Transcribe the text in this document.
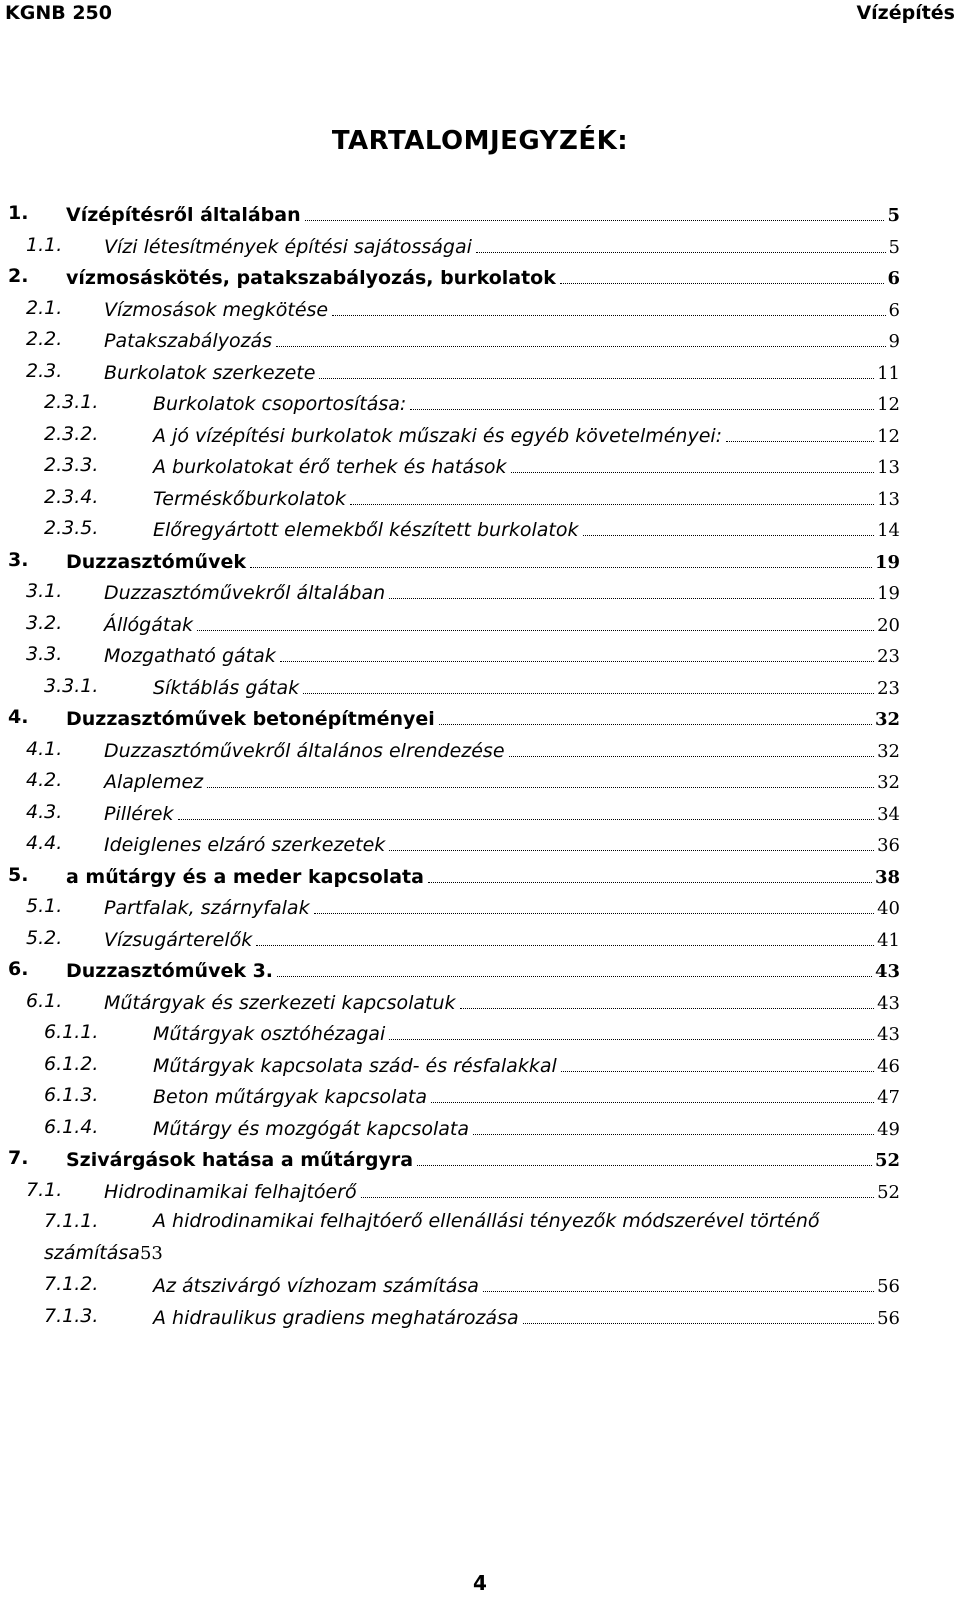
KGNB 250	Vízépítés
TARTALOMJEGYZÉK:
1. Vízépítésről általában	5
1.1. Vízi létesítmények építési sajátosságai	5
2. vízmosáskötés, patakszabályozás, burkolatok	6
2.1. Vízmosások megkötése	6
2.2. Patakszabályozás	9
2.3. Burkolatok szerkezete	11
2.3.1.	Burkolatok csoportosítása:	12
2.3.2.	A jó vízépítési burkolatok műszaki és egyéb követelményei:	12
2.3.3.	A burkolatokat érő terhek és hatások	13
2.3.4.	Terméskőburkolatok	13
2.3.5.	Előregyártott elemekből készített burkolatok	14
3. Duzzasztóművek	19
3.1. Duzzasztóművekről általában	19
3.2. Állógátak	20
3.3. Mozgatható gátak	23
3.3.1.	Síktáblás gátak	23
4. Duzzasztóművek betonépítményei	32
4.1. Duzzasztóművekről általános elrendezése	32
4.2. Alaplemez	32
4.3. Pillérek	34
4.4. Ideiglenes elzáró szerkezetek	36
5. a műtárgy és a meder kapcsolata	38
5.1. Partfalak, szárnyfalak	40
5.2. Vízsugárterelők	41
6. Duzzasztóművek 3.	43
6.1. Műtárgyak és szerkezeti kapcsolatuk	43
6.1.1.	Műtárgyak osztóhézagai	43
6.1.2.	Műtárgyak kapcsolata szád- és résfalakkal	46
6.1.3.	Beton műtárgyak kapcsolata	47
6.1.4.	Műtárgy és mozgógát kapcsolata	49
7. Szivárgások hatása a műtárgyra	52
7.1. Hidrodinamikai felhajtóerő	52
7.1.1.	A hidrodinamikai felhajtóerő ellenállási tényezők módszerével történő
számítása 53
7.1.2.	Az átszivárgó vízhozam számítása	56
7.1.3.	A hidraulikus gradiens meghatározása	56
4
